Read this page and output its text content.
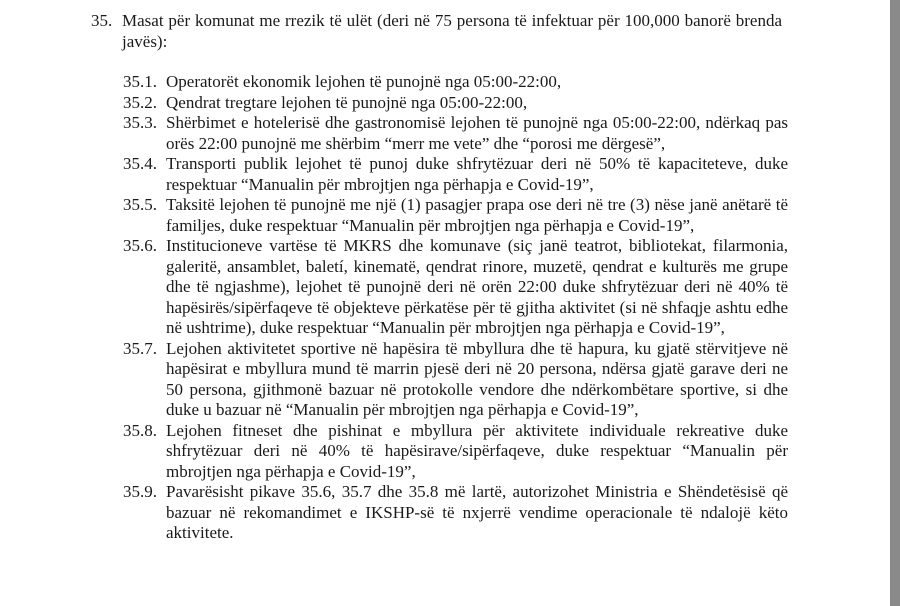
35. Masat për komunat me rrezik të ulët (deri në 75 persona të infektuar për 100,000 banorë brenda javës):
35.1. Operatorët ekonomik lejohen të punojnë nga 05:00-22:00,
35.2. Qendrat tregtare lejohen të punojnë nga 05:00-22:00,
35.3. Shërbimet e hotelerisë dhe gastronomisë lejohen të punojnë nga 05:00-22:00, ndërkaq pas orës 22:00 punojnë me shërbim “merr me vete” dhe “porosi me dërgesë”,
35.4. Transporti publik lejohet të punoj duke shfrytëzuar deri në 50% të kapaciteteve, duke respektuar “Manualin për mbrojtjen nga përhapja e Covid-19”,
35.5. Taksitë lejohen të punojnë me një (1) pasagjer prapa ose deri në tre (3) nëse janë anëtarë të familjes, duke respektuar “Manualin për mbrojtjen nga përhapja e Covid-19”,
35.6. Institucioneve vartëse të MKRS dhe komunave (siç janë teatrot, bibliotekat, filarmonia, galeritë, ansamblet, baletí, kinematë, qendrat rinore, muzetë, qendrat e kulturës me grupe dhe të ngjashme), lejohet të punojnë deri në orën 22:00 duke shfrytëzuar deri në 40% të hapësirës/sipërfaqeve të objekteve përkatëse për të gjitha aktivitet (si në shfaqje ashtu edhe në ushtrime), duke respektuar “Manualin për mbrojtjen nga përhapja e Covid-19”,
35.7. Lejohen aktivitetet sportive në hapësira të mbyllura dhe të hapura, ku gjatë stërvitjeve në hapësirat e mbyllura mund të marrin pjesë deri në 20 persona, ndërsa gjatë garave deri ne 50 persona, gjithmonë bazuar në protokolle vendore dhe ndërkombëtare sportive, si dhe duke u bazuar në “Manualin për mbrojtjen nga përhapja e Covid-19”,
35.8. Lejohen fitneset dhe pishinat e mbyllura për aktivitete individuale rekreative duke shfrytëzuar deri në 40% të hapësirave/sipërfaqeve, duke respektuar “Manualin për mbrojtjen nga përhapja e Covid-19”,
35.9. Pavarësisht pikave 35.6, 35.7 dhe 35.8 më lartë, autorizohet Ministria e Shëndetësisë që bazuar në rekomandimet e IKSHP-së të nxjerrë vendime operacionale të ndalojë këto aktivitete.
